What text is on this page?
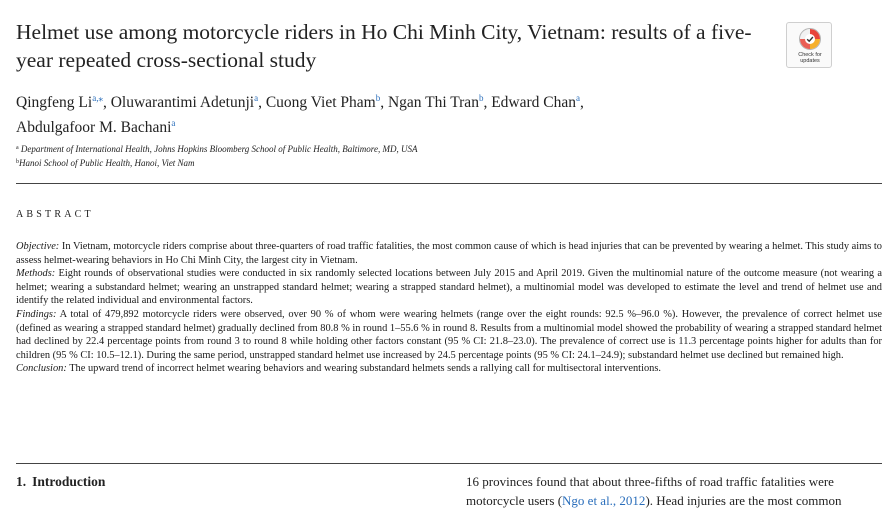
Helmet use among motorcycle riders in Ho Chi Minh City, Vietnam: results of a five-year repeated cross-sectional study	Check for
updates
Qingfeng $Li^{a,⁎}$, Oluwarantimi Adetunji$^a$, Cuong Viet Pham$^b$, Ngan Thi Tran$^b$, Edward Chan$^a$,
Abdulgafoor M. Bachani$^a$
$^a$ Department of International Health, Johns Hopkins Bloomberg School of Public Health, Baltimore, MD, USA
$^b$Hanoi School of Public Health, Hanoi, Viet Nam
ABSTRACT

Objective: In Vietnam, motorcycle riders comprise about three-quarters of road traffic fatalities, the most common cause of which is head injuries that can be prevented by wearing a helmet. This study aims to assess helmet-wearing behaviors in Ho Chi Minh City, the largest city in Vietnam.

Methods: Eight rounds of observational studies were conducted in six randomly selected locations between July 2015 and April 2019. Given the multinomial nature of the outcome measure (not wearing a helmet; wearing a substandard helmet; wearing an unstrapped standard helmet; wearing a strapped standard helmet), a multinomial model was developed to estimate the level and trend of helmet use and identify the related individual and environmental factors.

Findings: A total of 479,892 motorcycle riders were observed, over 90 % of whom were wearing helmets (range over the eight rounds: 92.5 %–96.0 %). However, the prevalence of correct helmet use (defined as wearing a strapped standard helmet) gradually declined from 80.8 % in round 1–55.6 % in round 8. Results from a multinomial model showed the probability of wearing a strapped standard helmet had declined by 22.4 percentage points from round 3 to round 8 while holding other factors constant (95 % CI: 21.8–23.0). The prevalence of correct use is 11.3 percentage points higher for adults than for children (95 % CI: 10.5–12.1). During the same period, unstrapped standard helmet use increased by 24.5 percentage points (95 % CI: 24.1–24.9); substandard helmet use declined but remained high.

Conclusion: The upward trend of incorrect helmet wearing behaviors and wearing substandard helmets sends a rallying call for multisectoral interventions.

1. Introduction	16 provinces found that about three-fifths of road traffic fatalities were
motorcycle users (Ngo et al., 2012). Head injuries are the most common
